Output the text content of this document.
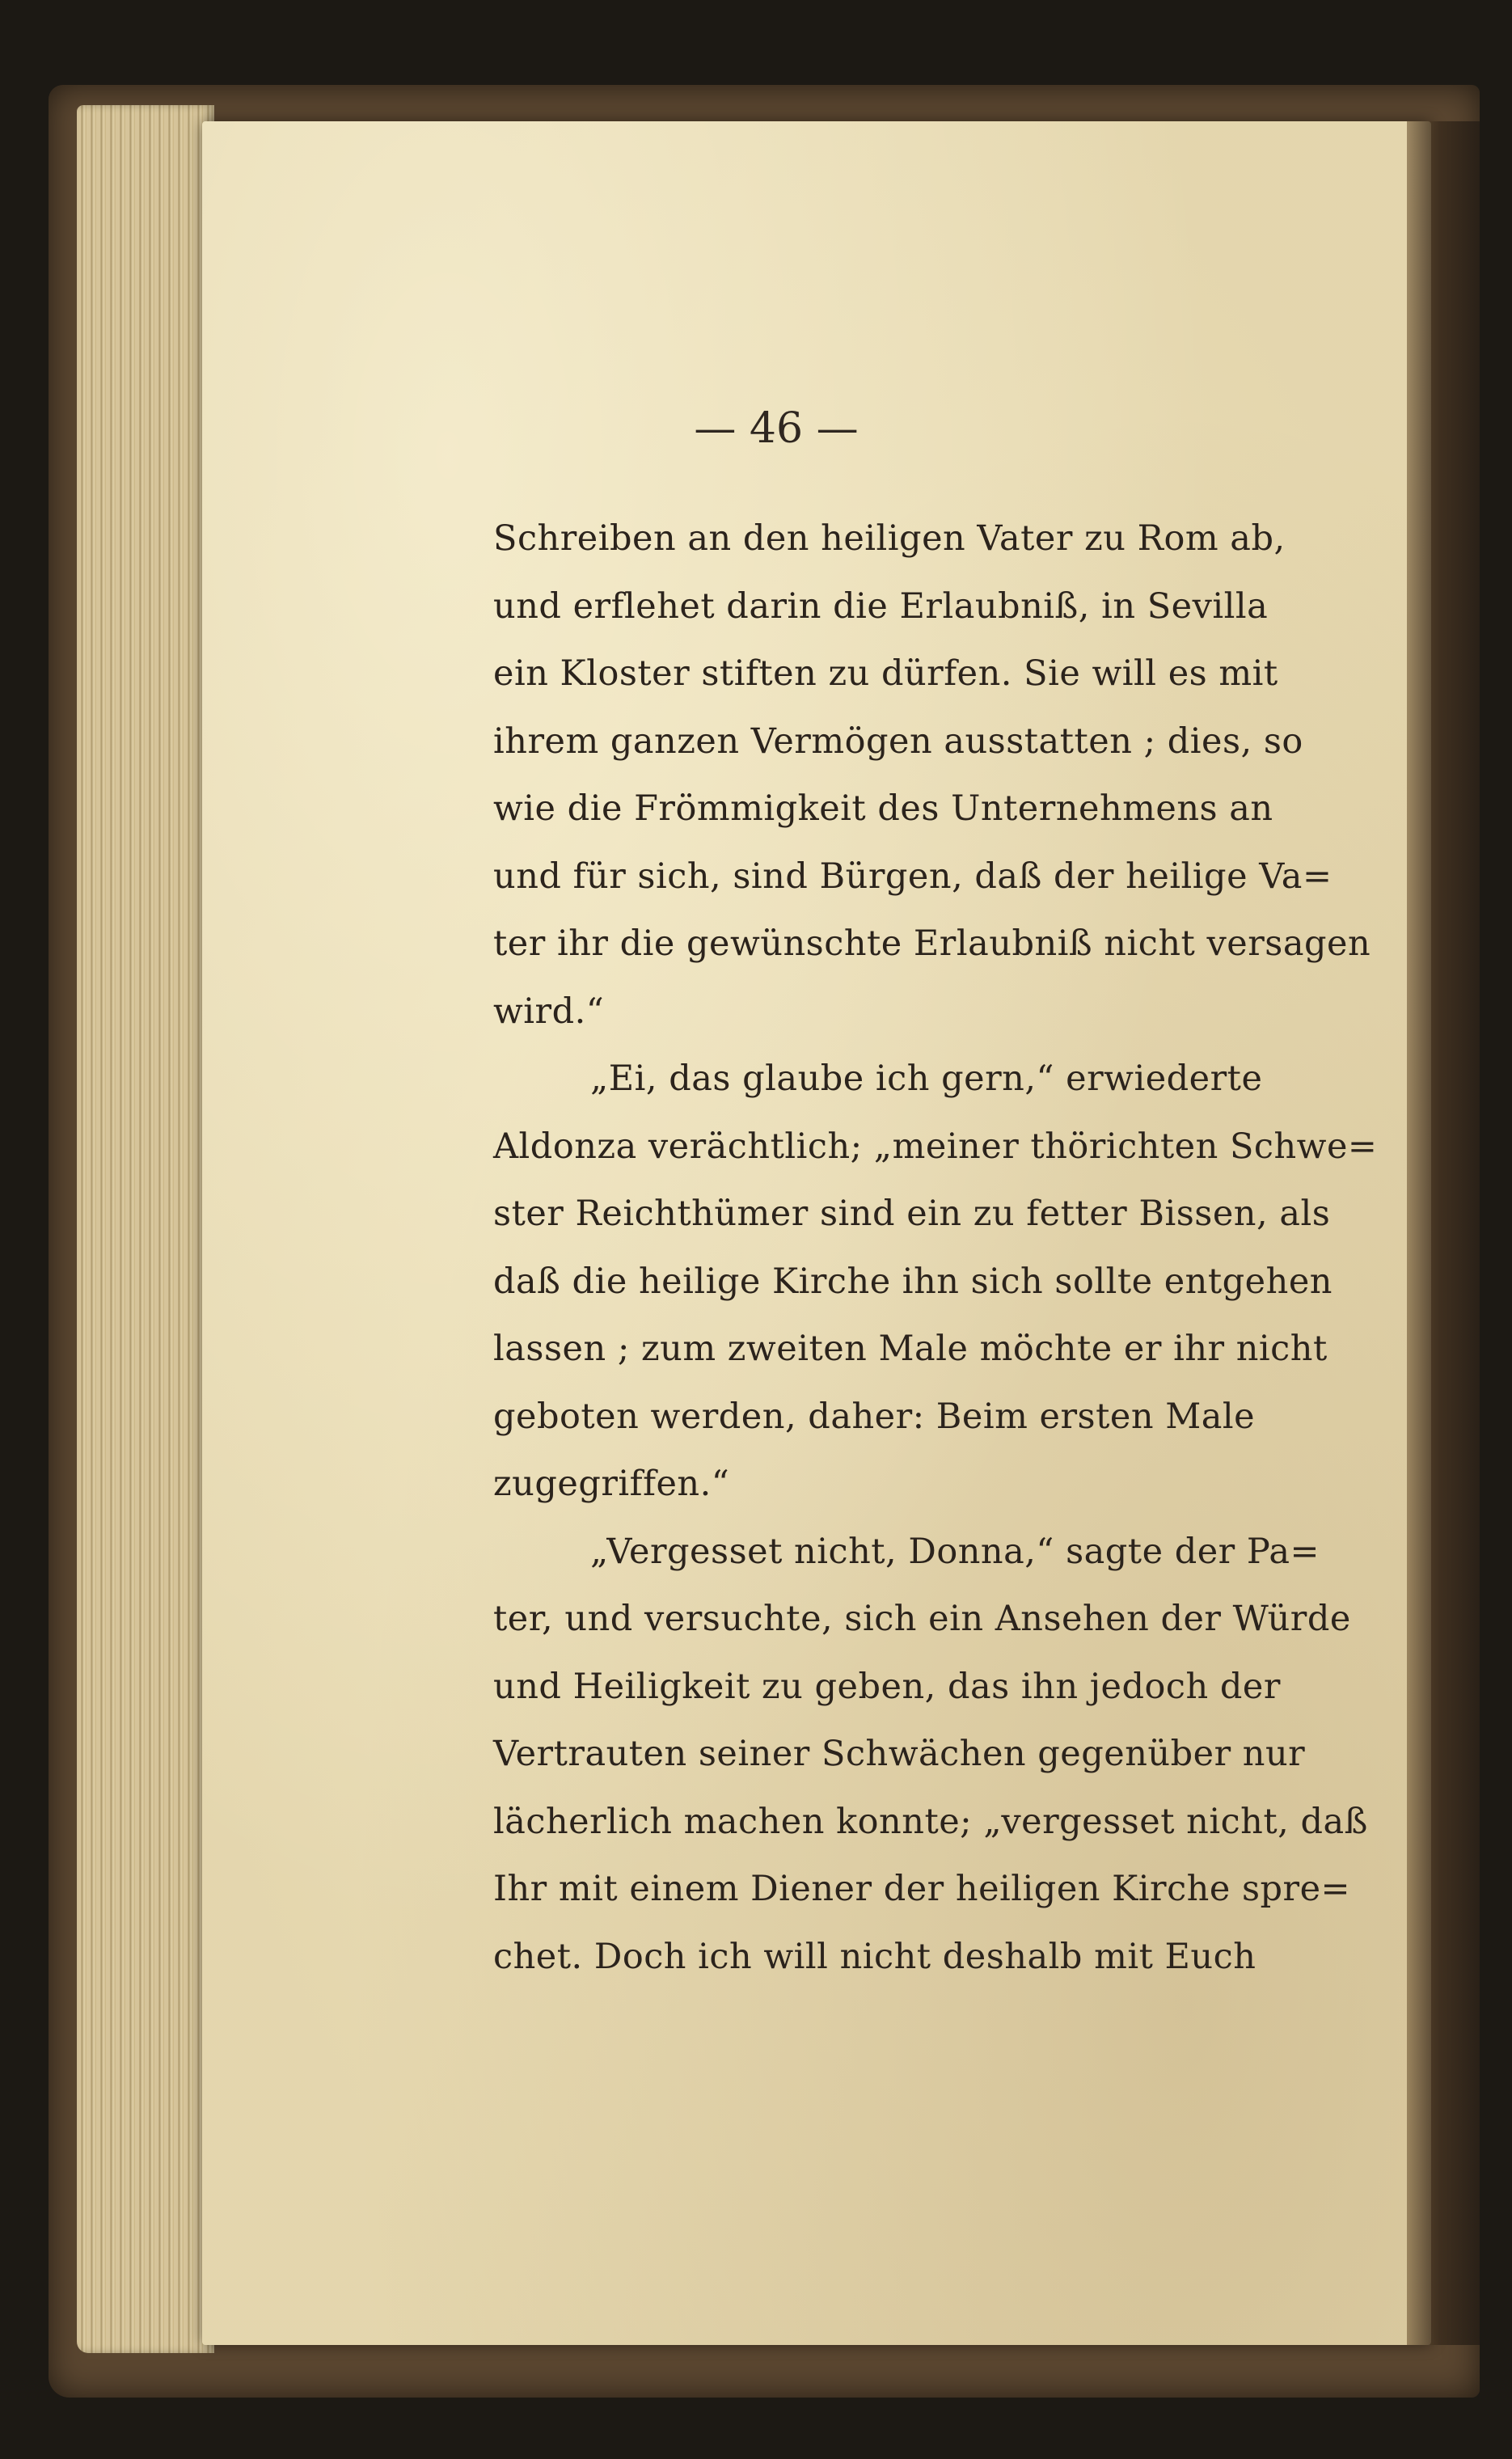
— 46 —
Schreiben an den heiligen Vater zu Rom ab,
und erflehet darin die Erlaubniß, in Sevilla
ein Kloster stiften zu dürfen. Sie will es mit
ihrem ganzen Vermögen ausstatten ; dies, so
wie die Frömmigkeit des Unternehmens an
und für sich, sind Bürgen, daß der heilige Va=
ter ihr die gewünschte Erlaubniß nicht versagen
wird.“
„Ei, das glaube ich gern,“ erwiederte
Aldonza verächtlich; „meiner thörichten Schwe=
ster Reichthümer sind ein zu fetter Bissen, als
daß die heilige Kirche ihn sich sollte entgehen
lassen ; zum zweiten Male möchte er ihr nicht
geboten werden, daher: Beim ersten Male
zugegriffen.“
„Vergesset nicht, Donna,“ sagte der Pa=
ter, und versuchte, sich ein Ansehen der Würde
und Heiligkeit zu geben, das ihn jedoch der
Vertrauten seiner Schwächen gegenüber nur
lächerlich machen konnte; „vergesset nicht, daß
Ihr mit einem Diener der heiligen Kirche spre=
chet. Doch ich will nicht deshalb mit Euch
